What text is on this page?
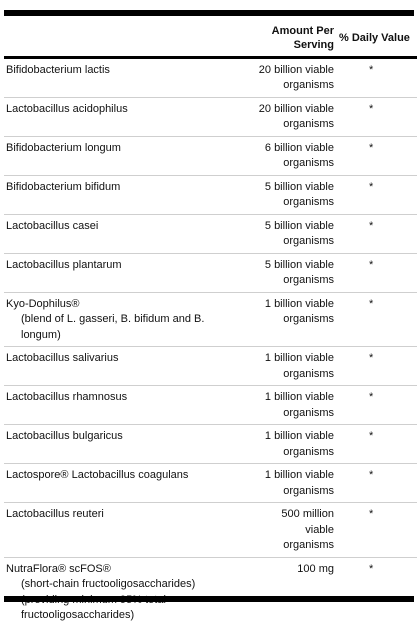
	Amount Per
Serving	% Daily Value
Bifidobacterium lactis	20 billion viable
organisms	*
Lactobacillus acidophilus	20 billion viable
organisms	*
Bifidobacterium longum	6 billion viable
organisms	*
Bifidobacterium bifidum	5 billion viable
organisms	*
Lactobacillus casei	5 billion viable
organisms	*
Lactobacillus plantarum	5 billion viable
organisms	*
Kyo-Dophilus®
(blend of L. gasseri, B. bifidum and B. longum)	1 billion viable
organisms	*
Lactobacillus salivarius	1 billion viable
organisms	*
Lactobacillus rhamnosus	1 billion viable
organisms	*
Lactobacillus bulgaricus	1 billion viable
organisms	*
Lactospore® Lactobacillus coagulans	1 billion viable
organisms	*
Lactobacillus reuteri	500 million
viable
organisms	*
NutraFlora® scFOS®
(short-chain fructooligosaccharides) fructooligosaccharides)	100 mg	*
